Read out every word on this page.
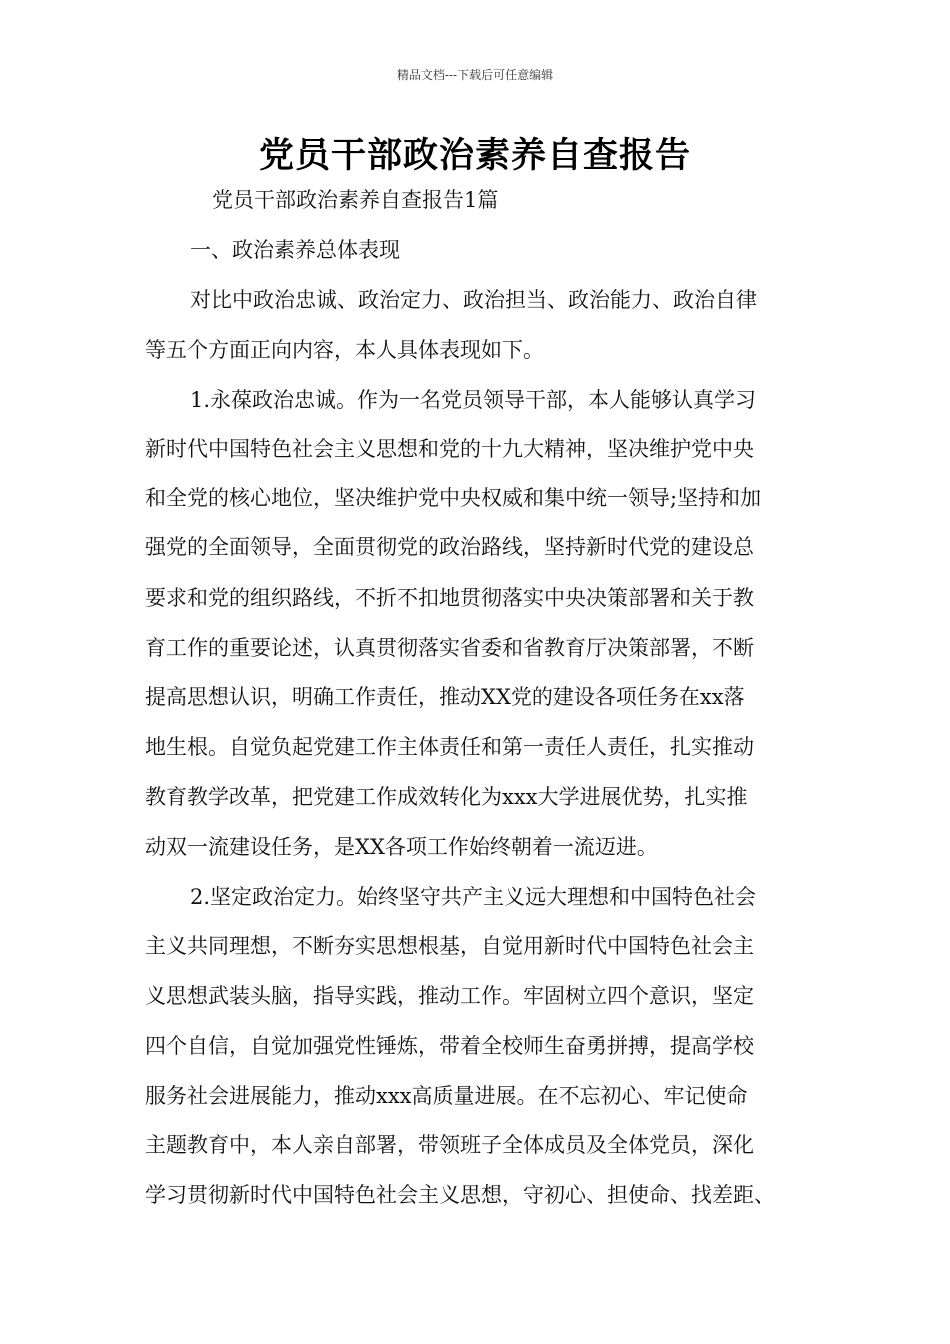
精品文档---下载后可任意编辑
党员干部政治素养自查报告
党员干部政治素养自查报告1篇
一、政治素养总体表现
对比中政治忠诚、政治定力、政治担当、政治能力、政治自律
等五个方面正向内容，本人具体表现如下。
1.永葆政治忠诚。作为一名党员领导干部，本人能够认真学习
新时代中国特色社会主义思想和党的十九大精神，坚决维护党中央
和全党的核心地位，坚决维护党中央权威和集中统一领导;坚持和加
强党的全面领导，全面贯彻党的政治路线，坚持新时代党的建设总
要求和党的组织路线，不折不扣地贯彻落实中央决策部署和关于教
育工作的重要论述，认真贯彻落实省委和省教育厅决策部署，不断
提高思想认识，明确工作责任，推动XX党的建设各项任务在xx落
地生根。自觉负起党建工作主体责任和第一责任人责任，扎实推动
教育教学改革，把党建工作成效转化为xxx大学进展优势，扎实推
动双一流建设任务，是XX各项工作始终朝着一流迈进。
2.坚定政治定力。始终坚守共产主义远大理想和中国特色社会
主义共同理想，不断夯实思想根基，自觉用新时代中国特色社会主
义思想武装头脑，指导实践，推动工作。牢固树立四个意识，坚定
四个自信，自觉加强党性锤炼，带着全校师生奋勇拼搏，提高学校
服务社会进展能力，推动xxx高质量进展。在不忘初心、牢记使命
主题教育中，本人亲自部署，带领班子全体成员及全体党员，深化
学习贯彻新时代中国特色社会主义思想，守初心、担使命、找差距、
